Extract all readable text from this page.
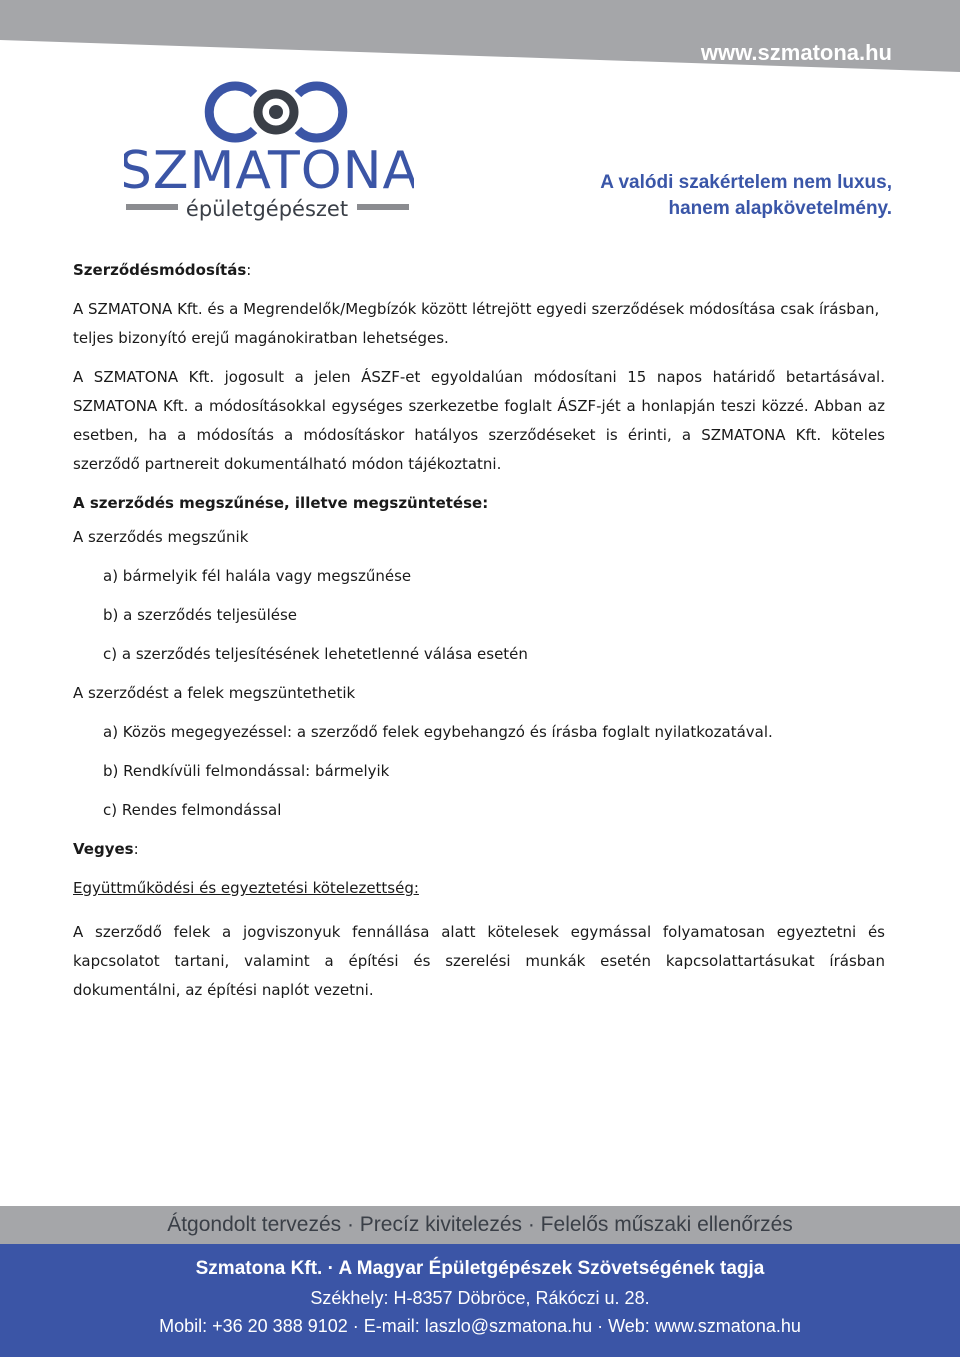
www.szmatona.hu
SZMATONA
épületgépészet
A valódi szakértelem nem luxus,
hanem alapkövetelmény.

Szerződésmódosítás:

A SZMATONA Kft. és a Megrendelők/Megbízók között létrejött egyedi szerződések módosítása csak írásban, teljes bizonyító erejű magánokiratban lehetséges.

A SZMATONA Kft. jogosult a jelen ÁSZF-et egyoldalúan módosítani 15 napos határidő betartásával. SZMATONA Kft. a módosításokkal egységes szerkezetbe foglalt ÁSZF-jét a honlapján teszi közzé. Abban az esetben, ha a módosítás a módosításkor hatályos szerződéseket is érinti, a SZMATONA Kft. köteles szerződő partnereit dokumentálható módon tájékoztatni.

A szerződés megszűnése, illetve megszüntetése:

A szerződés megszűnik

a) bármelyik fél halála vagy megszűnése

b) a szerződés teljesülése

c) a szerződés teljesítésének lehetetlenné válása esetén

A szerződést a felek megszüntethetik

a) Közös megegyezéssel: a szerződő felek egybehangzó és írásba foglalt nyilatkozatával.

b) Rendkívüli felmondással: bármelyik

c) Rendes felmondással

Vegyes:

Együttműködési és egyeztetési kötelezettség:

A szerződő felek a jogviszonyuk fennállása alatt kötelesek egymással folyamatosan egyeztetni és kapcsolatot tartani, valamint a építési és szerelési munkák esetén kapcsolattartásukat írásban dokumentálni, az építési naplót vezetni.

Átgondolt tervezés · Precíz kivitelezés · Felelős műszaki ellenőrzés
Szmatona Kft. · A Magyar Épületgépészek Szövetségének tagja
Székhely: H-8357 Döbröce, Rákóczi u. 28.
Mobil: +36 20 388 9102 · E-mail: laszlo@szmatona.hu · Web: www.szmatona.hu
